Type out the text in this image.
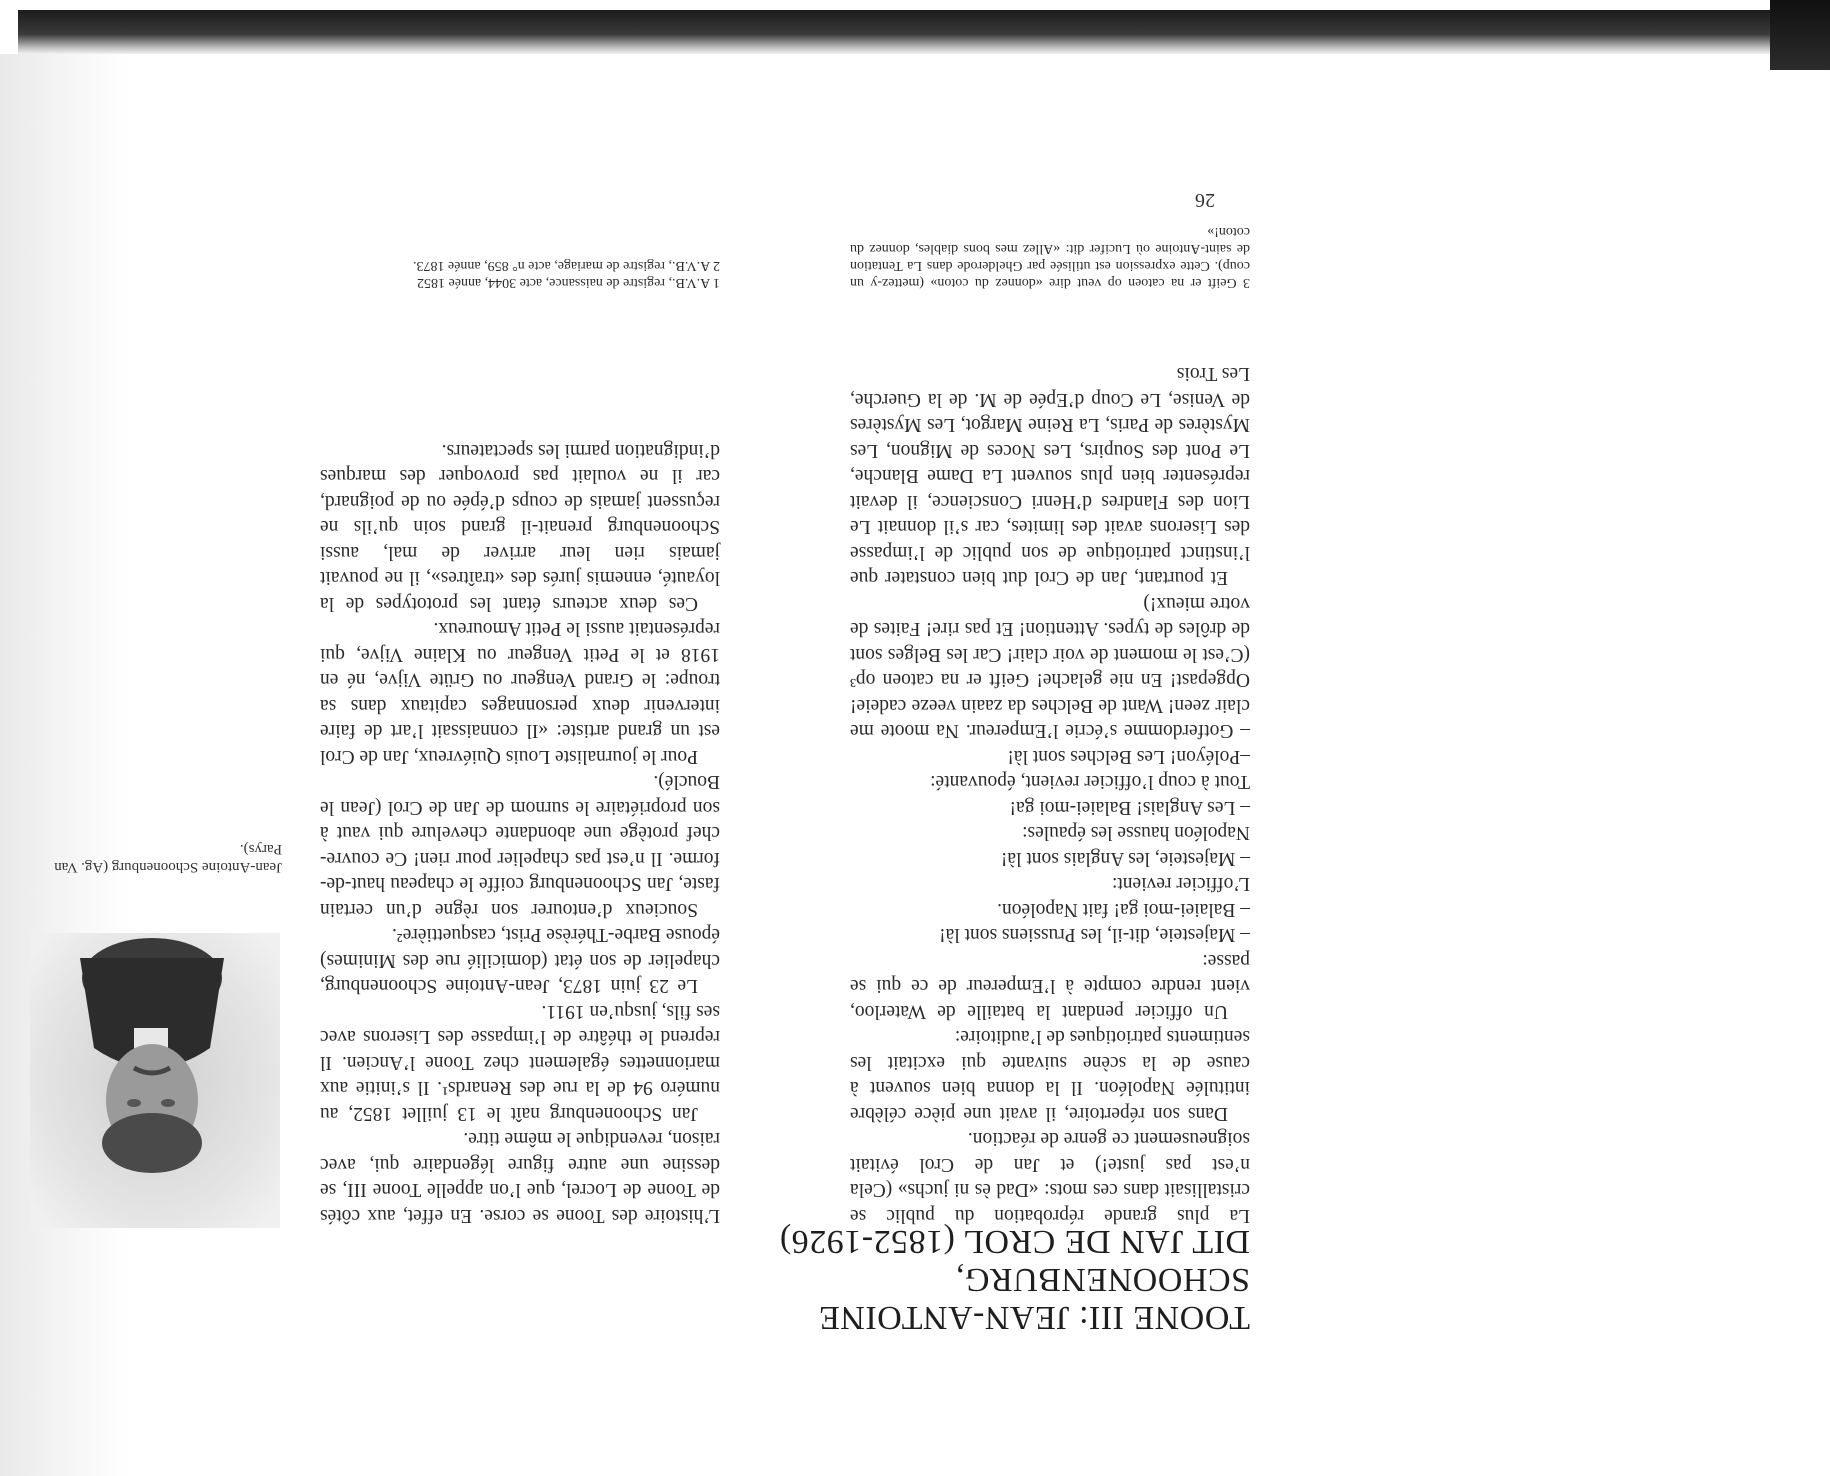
TOONE III: JEAN-ANTOINE SCHOONENBURG,
DIT JAN DE CROL (1852-1926)

L’histoire des Toone se corse. En effet, aux côtés de Toone de Locrel, que l’on appelle Toone III, se dessine une autre figure légendaire qui, avec raison, revendique le même titre.

Jan Schoonenburg naît le 13 juillet 1852, au numéro 94 de la rue des Renards¹. Il s’initie aux marionnettes également chez Toone l’Ancien. Il reprend le théâtre de l’impasse des Liserons avec ses fils, jusqu’en 1911.

Le 23 juin 1873, Jean-Antoine Schoonenburg, chapelier de son état (domicilié rue des Minimes) épouse Barbe-Thérèse Prist, casquettière².

Soucieux d’entourer son règne d’un certain faste, Jan Schoonenburg coiffe le chapeau haut-de-forme. Il n’est pas chapelier pour rien! Ce couvre-chef protège une abondante chevelure qui vaut à son propriétaire le surnom de Jan de Crol (Jean le Bouclé).

Pour le journaliste Louis Quiévreux, Jan de Crol est un grand artiste: «Il connaissait l’art de faire intervenir deux personnages capitaux dans sa troupe: le Grand Vengeur ou Grüte Vijve, né en 1918 et le Petit Vengeur ou Klaine Vijve, qui représentait aussi le Petit Amoureux.

Ces deux acteurs étant les prototypes de la loyauté, ennemis jurés des «traîtres», il ne pouvait jamais rien leur arriver de mal, aussi Schoonenburg prenait-il grand soin qu’ils ne reçussent jamais de coups d’épée ou de poignard, car il ne voulait pas provoquer des marques d’indignation parmi les spectateurs.

La plus grande réprobation du public se cristallisait dans ces mots: «Dad ès ni juchs» (Cela n’est pas juste!) et Jan de Crol évitait soigneusement ce genre de réaction.

Dans son répertoire, il avait une pièce célèbre intitulée Napoléon. Il la donna bien souvent à cause de la scène suivante qui excitait les sentiments patriotiques de l’auditoire:

Un officier pendant la bataille de Waterloo, vient rendre compte à l’Empereur de ce qui se passe:

– Majesteie, dit-il, les Prussiens sont là!

– Balaiei-moi ga! fait Napoléon.

L’officier revient:

– Majesteie, les Anglais sont là!

Napoléon hausse les épaules:

– Les Anglais! Balaiei-moi ga!

Tout à coup l’officier revient, épouvanté:

–Poléyon! Les Belches sont là!

– Gotferdomme s’écrie l’Empereur. Na moote me clair zeen! Want de Belches da zaain veeze cadeie! Opgepast! En nie gelache! Geift er na catoen op³ (C’est le moment de voir clair! Car les Belges sont de drôles de types. Attention! Et pas rire! Faites de votre mieux!)

Et pourtant, Jan de Crol dut bien constater que l’instinct patriotique de son public de l’impasse des Liserons avait des limites, car s’il donnait Le Lion des Flandres d’Henri Conscience, il devait représenter bien plus souvent La Dame Blanche, Le Pont des Soupirs, Les Noces de Mignon, Les Mystères de Paris, La Reine Margot, Les Mystères de Venise, Le Coup d’Epée de M. de la Guerche, Les Trois

1 A.V.B., registre de naissance, acte 3044, année 1852

2 A.V.B., registre de mariage, acte n° 859, année 1873.

3 Geift er na catoen op veut dire «donnez du coton» (mettez-y un coup). Cette expression est utilisée par Ghelderode dans La Tentation de saint-Antoine où Lucifer dit: «Allez mes bons diables, donnez du coton!»

26
Jean-Antoine Schoonenburg (Ag. Van Parys).
